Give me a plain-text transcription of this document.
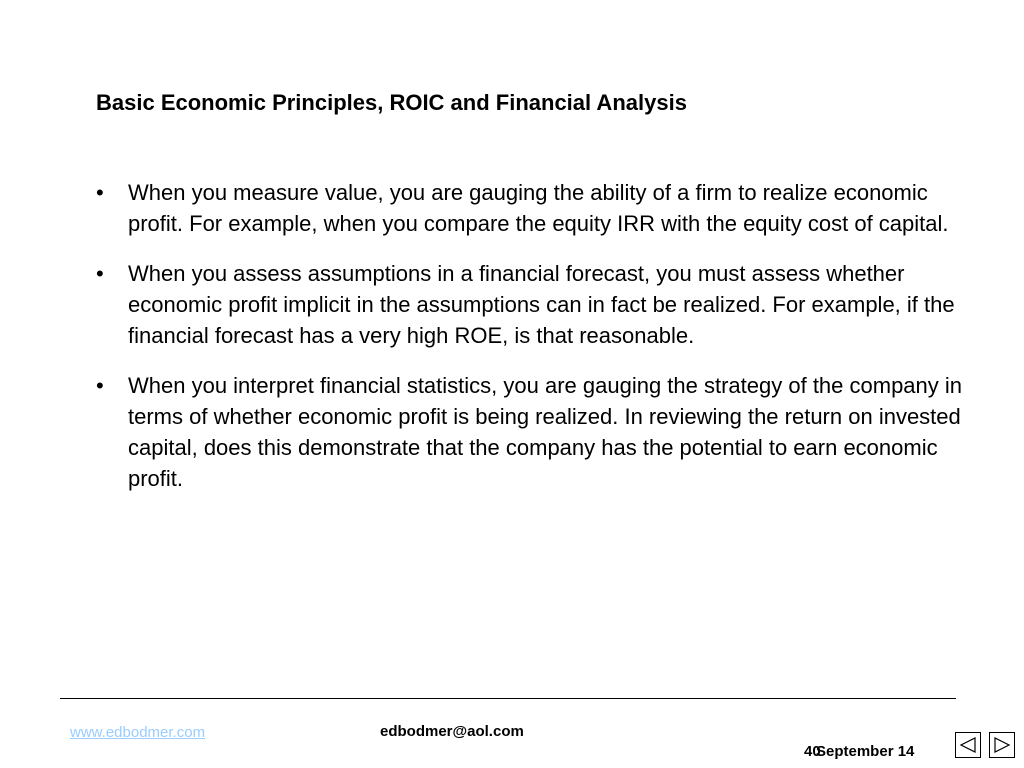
Basic Economic Principles, ROIC and Financial Analysis
•	When you measure value, you are gauging the ability of a firm to realize economic profit. For example, when you compare the equity IRR with the equity cost of capital.
•	When you assess assumptions in a financial forecast, you must assess whether economic profit implicit in the assumptions can in fact be realized. For example, if the financial forecast has a very high ROE, is that reasonable.
•	When you interpret financial statistics, you are gauging the strategy of the company in terms of whether economic profit is being realized. In reviewing the return on invested capital, does this demonstrate that the company has the potential to earn economic profit.
www.edbodmer.com	edbodmer@aol.com
40
September 14
